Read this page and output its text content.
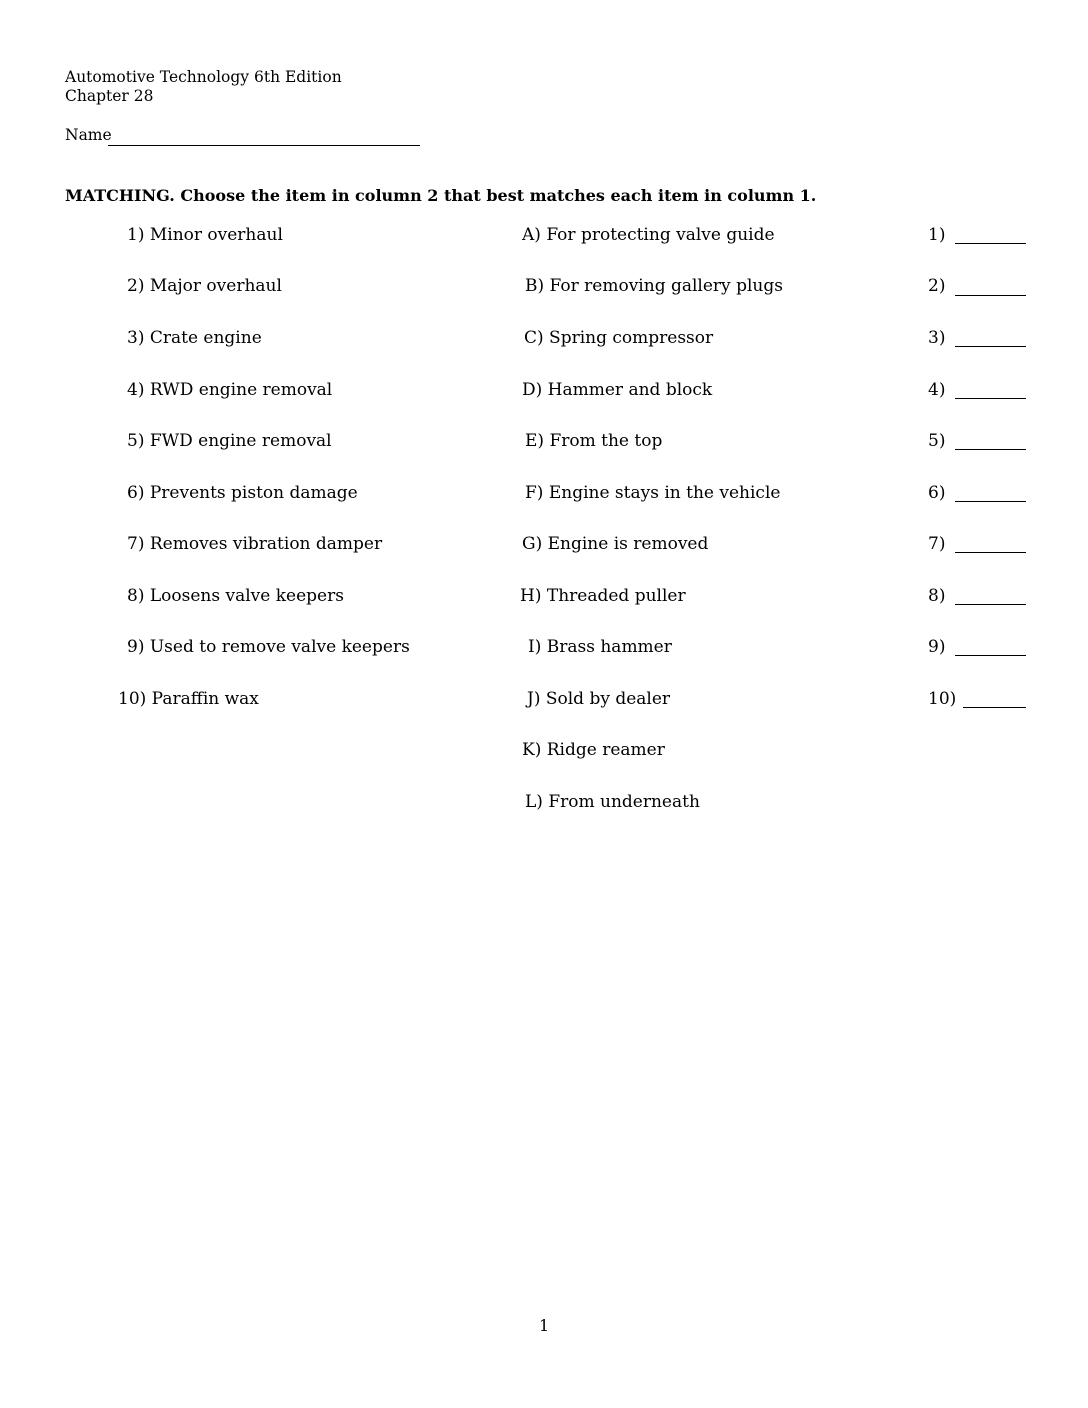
Automotive Technology 6th Edition
Chapter 28
Name
MATCHING. Choose the item in column 2 that best matches each item in column 1.
1) Minor overhaul
2) Major overhaul
3) Crate engine
4) RWD engine removal
5) FWD engine removal
6) Prevents piston damage
7) Removes vibration damper
8) Loosens valve keepers
9) Used to remove valve keepers
10) Paraffin wax
A) For protecting valve guide
B) For removing gallery plugs
C) Spring compressor
D) Hammer and block
E) From the top
F) Engine stays in the vehicle
G) Engine is removed
H) Threaded puller
I) Brass hammer
J) Sold by dealer
K) Ridge reamer
L) From underneath
1)
2)
3)
4)
5)
6)
7)
8)
9)
10)
1
